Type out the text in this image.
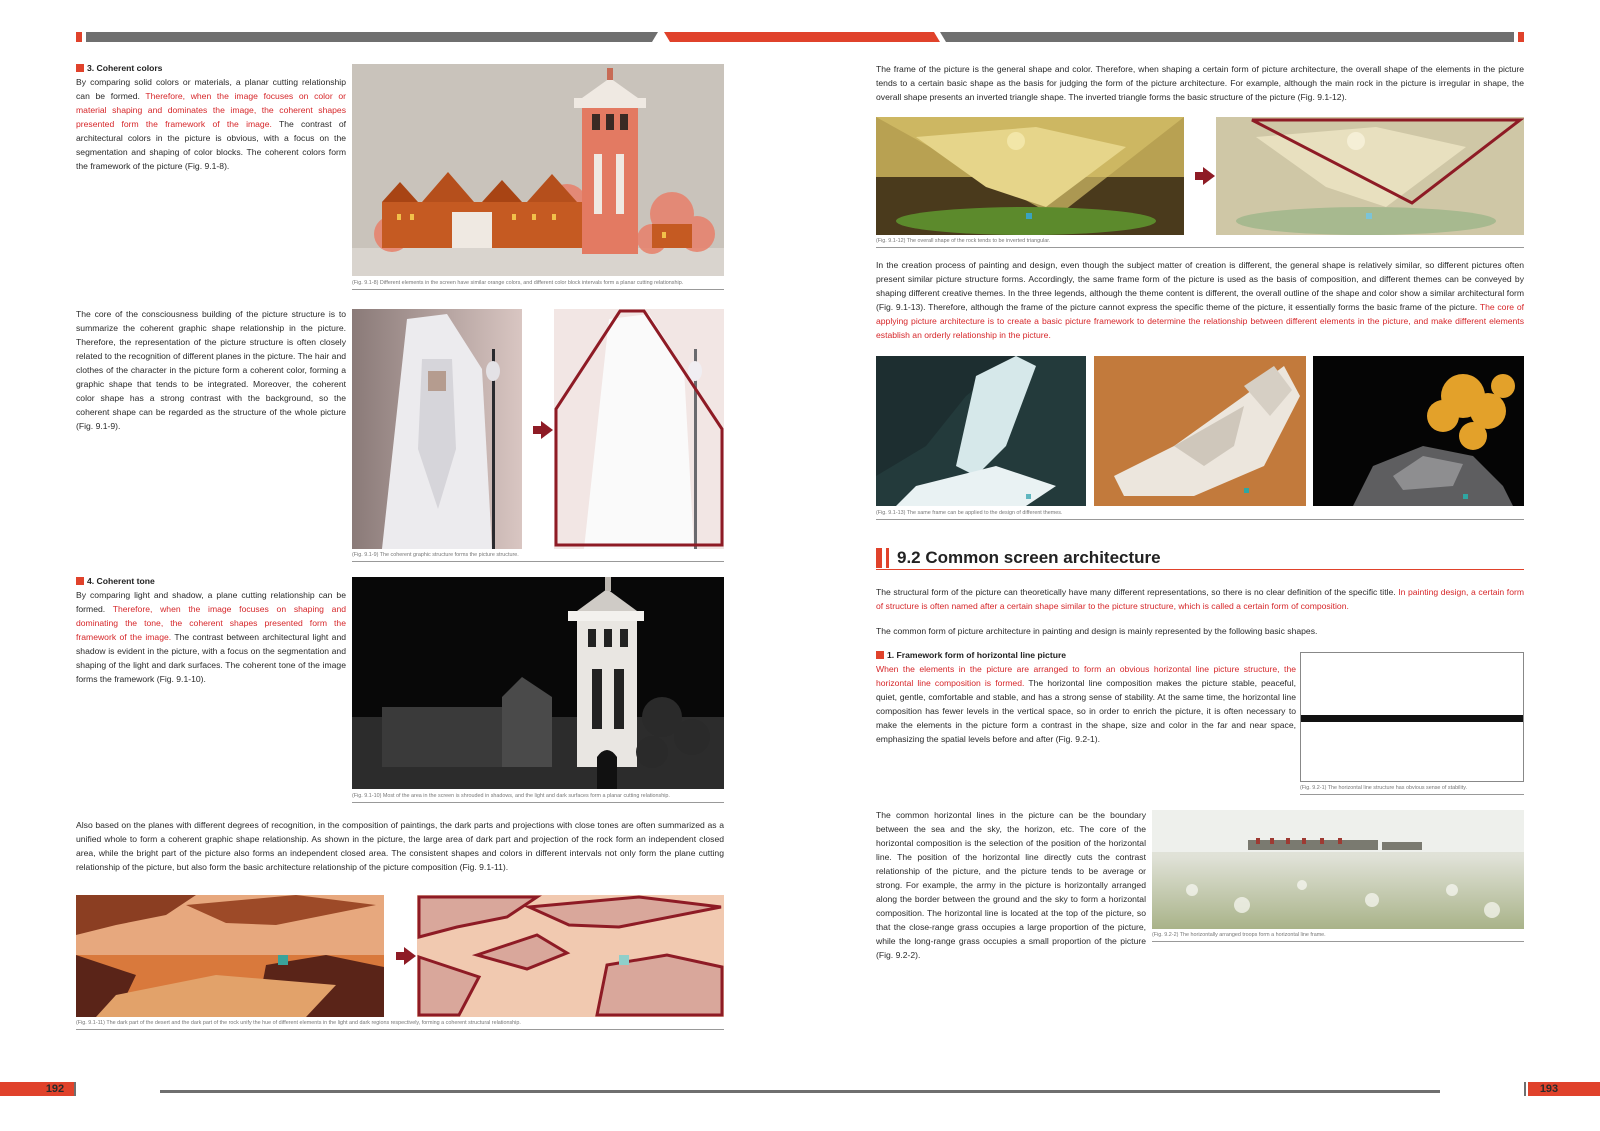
3. Coherent colors

By comparing solid colors or materials, a planar cutting relationship can be formed. Therefore, when the image focuses on color or material shaping and dominates the image, the coherent shapes presented form the framework of the image. The contrast of architectural colors in the picture is obvious, with a focus on the segmentation and shaping of color blocks. The coherent colors form the framework of the picture (Fig. 9.1-8).

(Fig. 9.1-8) Different elements in the screen have similar orange colors, and different color block intervals form a planar cutting relationship.

The core of the consciousness building of the picture structure is to summarize the coherent graphic shape relationship in the picture. Therefore, the representation of the picture structure is often closely related to the recognition of different planes in the picture. The hair and clothes of the character in the picture form a coherent color, forming a graphic shape that tends to be integrated. Moreover, the coherent color shape has a strong contrast with the background, so the coherent shape can be regarded as the structure of the whole picture (Fig. 9.1-9).

(Fig. 9.1-9) The coherent graphic structure forms the picture structure.
4. Coherent tone

By comparing light and shadow, a plane cutting relationship can be formed. Therefore, when the image focuses on shaping and dominating the tone, the coherent shapes presented form the framework of the image. The contrast between architectural light and shadow is evident in the picture, with a focus on the segmentation and shaping of the light and dark surfaces. The coherent tone of the image forms the framework (Fig. 9.1-10).

(Fig. 9.1-10) Most of the area in the screen is shrouded in shadows, and the light and dark surfaces form a planar cutting relationship.

Also based on the planes with different degrees of recognition, in the composition of paintings, the dark parts and projections with close tones are often summarized as a unified whole to form a coherent graphic shape relationship. As shown in the picture, the large area of dark part and projection of the rock form an independent closed area, while the bright part of the picture also forms an independent closed area. The consistent shapes and colors in different intervals not only form the plane cutting relationship of the picture, but also form the basic architecture relationship of the picture composition (Fig. 9.1-11).

(Fig. 9.1-11) The dark part of the desert and the dark part of the rock unify the hue of different elements in the light and dark regions respectively, forming a coherent structural relationship.
192

The frame of the picture is the general shape and color. Therefore, when shaping a certain form of picture architecture, the overall shape of the elements in the picture tends to a certain basic shape as the basis for judging the form of the picture architecture. For example, although the main rock in the picture is irregular in shape, the overall shape presents an inverted triangle shape. The inverted triangle forms the basic structure of the picture (Fig. 9.1-12).

(Fig. 9.1-12) The overall shape of the rock tends to be inverted triangular.

In the creation process of painting and design, even though the subject matter of creation is different, the general shape is relatively similar, so different pictures often present similar picture structure forms. Accordingly, the same frame form of the picture is used as the basis of composition, and different themes can be conveyed by shaping different creative themes. In the three legends, although the theme content is different, the overall outline of the shape and color show a similar architectural form (Fig. 9.1-13). Therefore, although the frame of the picture cannot express the specific theme of the picture, it essentially forms the basic frame of the picture. The core of applying picture architecture is to create a basic picture framework to determine the relationship between different elements in the picture, and make different elements establish an orderly relationship in the picture.

(Fig. 9.1-13) The same frame can be applied to the design of different themes.
9.2 Common screen architecture

The structural form of the picture can theoretically have many different representations, so there is no clear definition of the specific title. In painting design, a certain form of structure is often named after a certain shape similar to the picture structure, which is called a certain form of composition.

The common form of picture architecture in painting and design is mainly represented by the following basic shapes.

1. Framework form of horizontal line picture

When the elements in the picture are arranged to form an obvious horizontal line picture structure, the horizontal line composition is formed. The horizontal line composition makes the picture stable, peaceful, quiet, gentle, comfortable and stable, and has a strong sense of stability. At the same time, the horizontal line composition has fewer levels in the vertical space, so in order to enrich the picture, it is often necessary to make the elements in the picture form a contrast in the shape, size and color in the far and near space, emphasizing the spatial levels before and after (Fig. 9.2-1).

(Fig. 9.2-1) The horizontal line structure has obvious sense of stability.

The common horizontal lines in the picture can be the boundary between the sea and the sky, the horizon, etc. The core of the horizontal composition is the selection of the position of the horizontal line. The position of the horizontal line directly cuts the contrast relationship of the picture, and the picture tends to be average or strong. For example, the army in the picture is horizontally arranged along the border between the ground and the sky to form a horizontal composition. The horizontal line is located at the top of the picture, so that the close-range grass occupies a large proportion of the picture, while the long-range grass occupies a small proportion of the picture (Fig. 9.2-2).

(Fig. 9.2-2) The horizontally arranged troops form a horizontal line frame.
193
